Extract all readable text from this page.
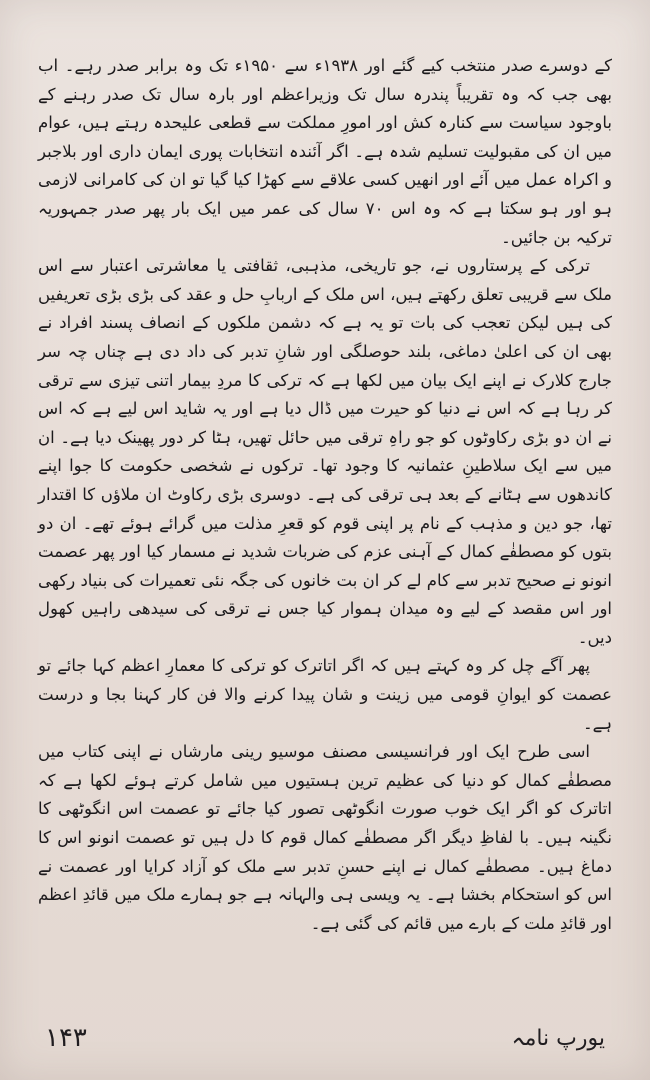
کے دوسرے صدر منتخب کیے گئے اور ۱۹۳۸ء سے ۱۹۵۰ء تک وہ برابر صدر رہے۔ اب بھی جب کہ وہ تقریباً پندرہ سال تک وزیراعظم اور بارہ سال تک صدر رہنے کے باوجود سیاست سے کنارہ کش اور امورِ مملکت سے قطعی علیحدہ رہتے ہیں، عوام میں ان کی مقبولیت تسلیم شدہ ہے۔ اگر آئندہ انتخابات پوری ایمان داری اور بلاجبر و اکراہ عمل میں آئے اور انھیں کسی علاقے سے کھڑا کیا گیا تو ان کی کامرانی لازمی ہو اور ہو سکتا ہے کہ وہ اس ۷۰ سال کی عمر میں ایک بار پھر صدر جمہوریہ ترکیہ بن جائیں۔

ترکی کے پرستاروں نے، جو تاریخی، مذہبی، ثقافتی یا معاشرتی اعتبار سے اس ملک سے قریبی تعلق رکھتے ہیں، اس ملک کے اربابِ حل و عقد کی بڑی بڑی تعریفیں کی ہیں لیکن تعجب کی بات تو یہ ہے کہ دشمن ملکوں کے انصاف پسند افراد نے بھی ان کی اعلیٰ دماغی، بلند حوصلگی اور شانِ تدبر کی داد دی ہے چناں چہ سر جارج کلارک نے اپنے ایک بیان میں لکھا ہے کہ ترکی کا مردِ بیمار اتنی تیزی سے ترقی کر رہا ہے کہ اس نے دنیا کو حیرت میں ڈال دیا ہے اور یہ شاید اس لیے ہے کہ اس نے ان دو بڑی رکاوٹوں کو جو راہِ ترقی میں حائل تھیں، ہٹا کر دور پھینک دیا ہے۔ ان میں سے ایک سلاطینِ عثمانیہ کا وجود تھا۔ ترکوں نے شخصی حکومت کا جوا اپنے کاندھوں سے ہٹانے کے بعد ہی ترقی کی ہے۔ دوسری بڑی رکاوٹ ان ملاؤں کا اقتدار تھا، جو دین و مذہب کے نام پر اپنی قوم کو قعرِ مذلت میں گرائے ہوئے تھے۔ ان دو بتوں کو مصطفٰے کمال کے آہنی عزم کی ضربات شدید نے مسمار کیا اور پھر عصمت انونو نے صحیح تدبر سے کام لے کر ان بت خانوں کی جگہ نئی تعمیرات کی بنیاد رکھی اور اس مقصد کے لیے وہ میدان ہموار کیا جس نے ترقی کی سیدھی راہیں کھول دیں۔

پھر آگے چل کر وہ کہتے ہیں کہ اگر اتاترک کو ترکی کا معمارِ اعظم کہا جائے تو عصمت کو ایوانِ قومی میں زینت و شان پیدا کرنے والا فن کار کہنا بجا و درست ہے۔

اسی طرح ایک اور فرانسیسی مصنف موسیو رینی مارشاں نے اپنی کتاب میں مصطفٰے کمال کو دنیا کی عظیم ترین ہستیوں میں شامل کرتے ہوئے لکھا ہے کہ اتاترک کو اگر ایک خوب صورت انگوٹھی تصور کیا جائے تو عصمت اس انگوٹھی کا نگینہ ہیں۔ با لفاظِ دیگر اگر مصطفٰے کمال قوم کا دل ہیں تو عصمت انونو اس کا دماغ ہیں۔ مصطفٰے کمال نے اپنے حسنِ تدبر سے ملک کو آزاد کرایا اور عصمت نے اس کو استحکام بخشا ہے۔ یہ ویسی ہی والہانہ ہے جو ہمارے ملک میں قائدِ اعظم اور قائدِ ملت کے بارے میں قائم کی گئی ہے۔

۱۴۳	یورپ نامہ
